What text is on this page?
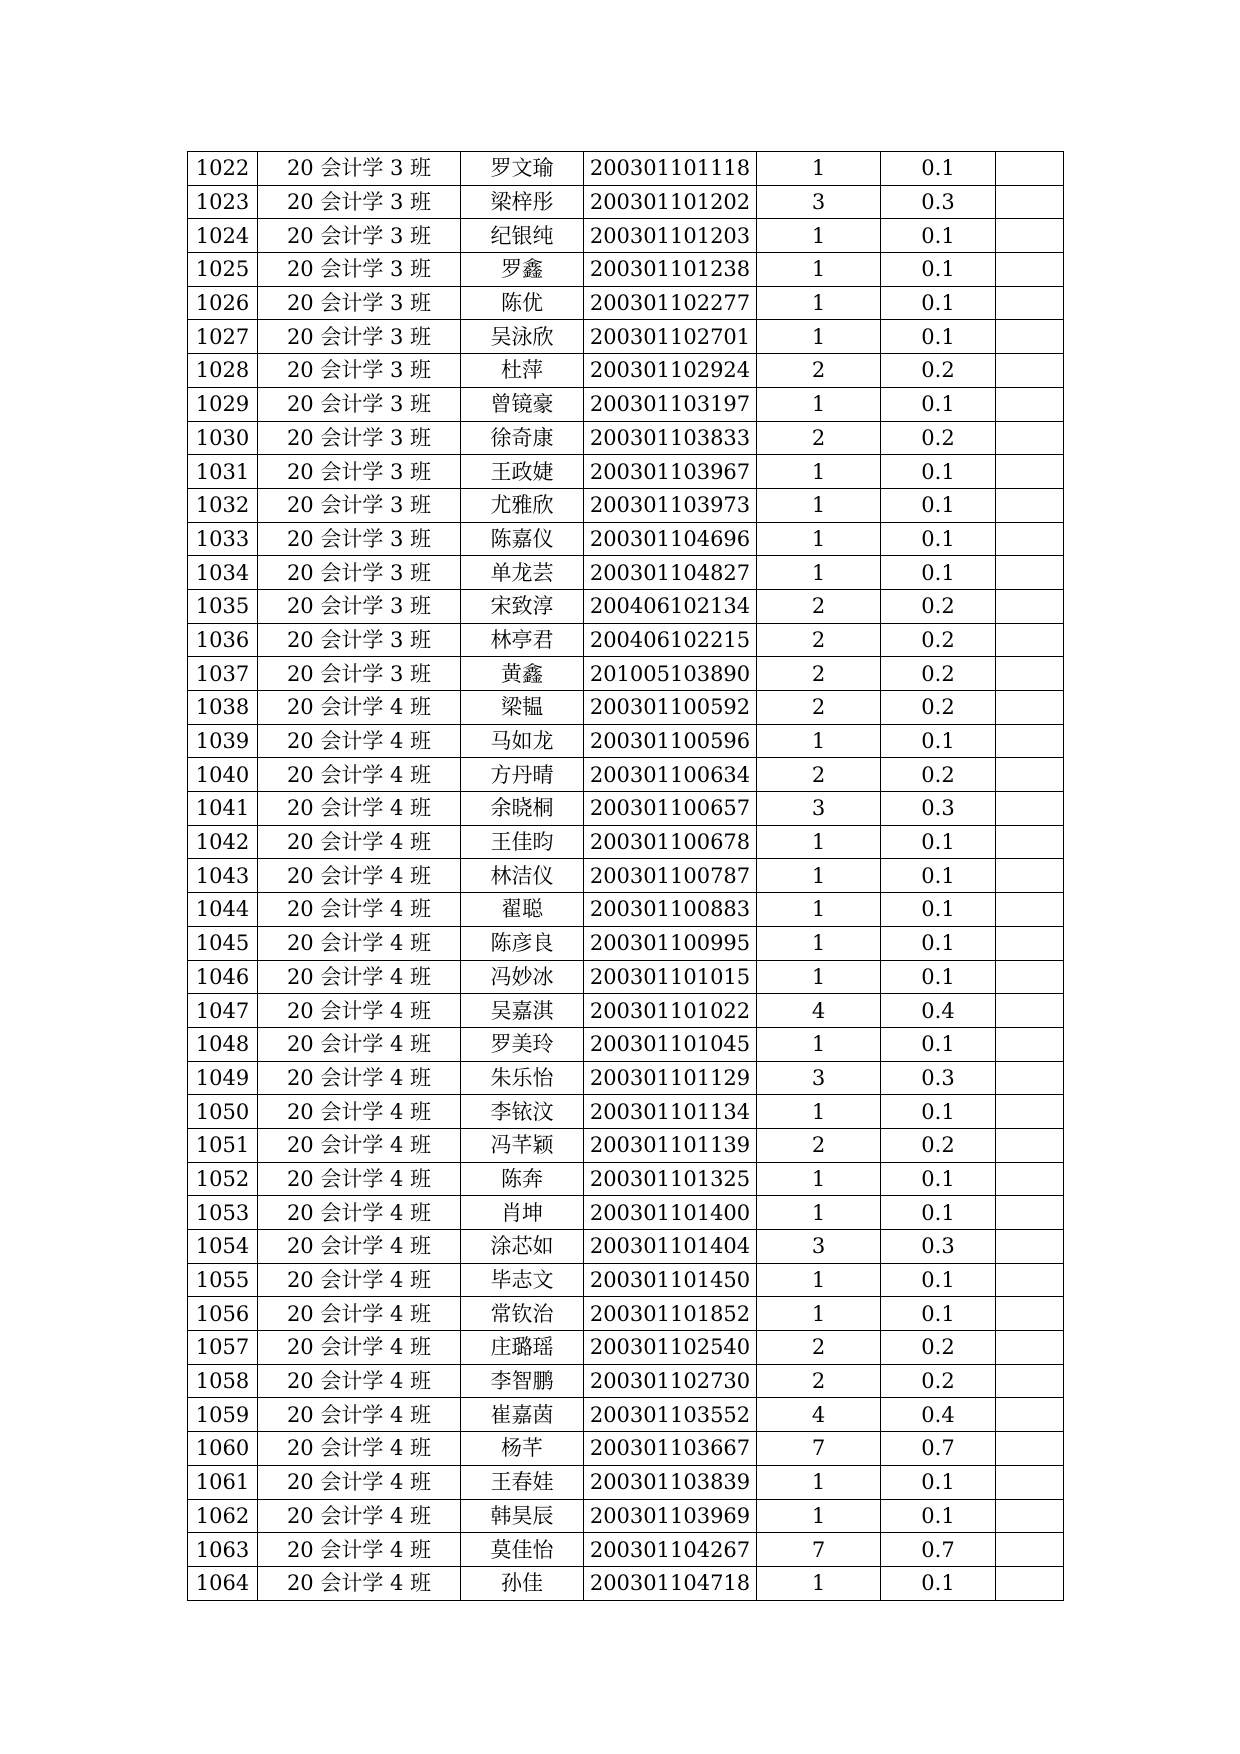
1022	20 会计学 3 班	罗文瑜	200301101118	1	0.1	
1023	20 会计学 3 班	梁梓彤	200301101202	3	0.3	
1024	20 会计学 3 班	纪银纯	200301101203	1	0.1	
1025	20 会计学 3 班	罗鑫	200301101238	1	0.1	
1026	20 会计学 3 班	陈优	200301102277	1	0.1	
1027	20 会计学 3 班	吴泳欣	200301102701	1	0.1	
1028	20 会计学 3 班	杜萍	200301102924	2	0.2	
1029	20 会计学 3 班	曾镜豪	200301103197	1	0.1	
1030	20 会计学 3 班	徐奇康	200301103833	2	0.2	
1031	20 会计学 3 班	王政婕	200301103967	1	0.1	
1032	20 会计学 3 班	尤雅欣	200301103973	1	0.1	
1033	20 会计学 3 班	陈嘉仪	200301104696	1	0.1	
1034	20 会计学 3 班	单龙芸	200301104827	1	0.1	
1035	20 会计学 3 班	宋致淳	200406102134	2	0.2	
1036	20 会计学 3 班	林亭君	200406102215	2	0.2	
1037	20 会计学 3 班	黄鑫	201005103890	2	0.2	
1038	20 会计学 4 班	梁韫	200301100592	2	0.2	
1039	20 会计学 4 班	马如龙	200301100596	1	0.1	
1040	20 会计学 4 班	方丹晴	200301100634	2	0.2	
1041	20 会计学 4 班	余晓桐	200301100657	3	0.3	
1042	20 会计学 4 班	王佳昀	200301100678	1	0.1	
1043	20 会计学 4 班	林洁仪	200301100787	1	0.1	
1044	20 会计学 4 班	翟聪	200301100883	1	0.1	
1045	20 会计学 4 班	陈彦良	200301100995	1	0.1	
1046	20 会计学 4 班	冯妙冰	200301101015	1	0.1	
1047	20 会计学 4 班	吴嘉淇	200301101022	4	0.4	
1048	20 会计学 4 班	罗美玲	200301101045	1	0.1	
1049	20 会计学 4 班	朱乐怡	200301101129	3	0.3	
1050	20 会计学 4 班	李铱汶	200301101134	1	0.1	
1051	20 会计学 4 班	冯芊颖	200301101139	2	0.2	
1052	20 会计学 4 班	陈奔	200301101325	1	0.1	
1053	20 会计学 4 班	肖坤	200301101400	1	0.1	
1054	20 会计学 4 班	涂芯如	200301101404	3	0.3	
1055	20 会计学 4 班	毕志文	200301101450	1	0.1	
1056	20 会计学 4 班	常钦治	200301101852	1	0.1	
1057	20 会计学 4 班	庄璐瑶	200301102540	2	0.2	
1058	20 会计学 4 班	李智鹏	200301102730	2	0.2	
1059	20 会计学 4 班	崔嘉茵	200301103552	4	0.4	
1060	20 会计学 4 班	杨芊	200301103667	7	0.7	
1061	20 会计学 4 班	王春娃	200301103839	1	0.1	
1062	20 会计学 4 班	韩昊辰	200301103969	1	0.1	
1063	20 会计学 4 班	莫佳怡	200301104267	7	0.7	
1064	20 会计学 4 班	孙佳	200301104718	1	0.1	
